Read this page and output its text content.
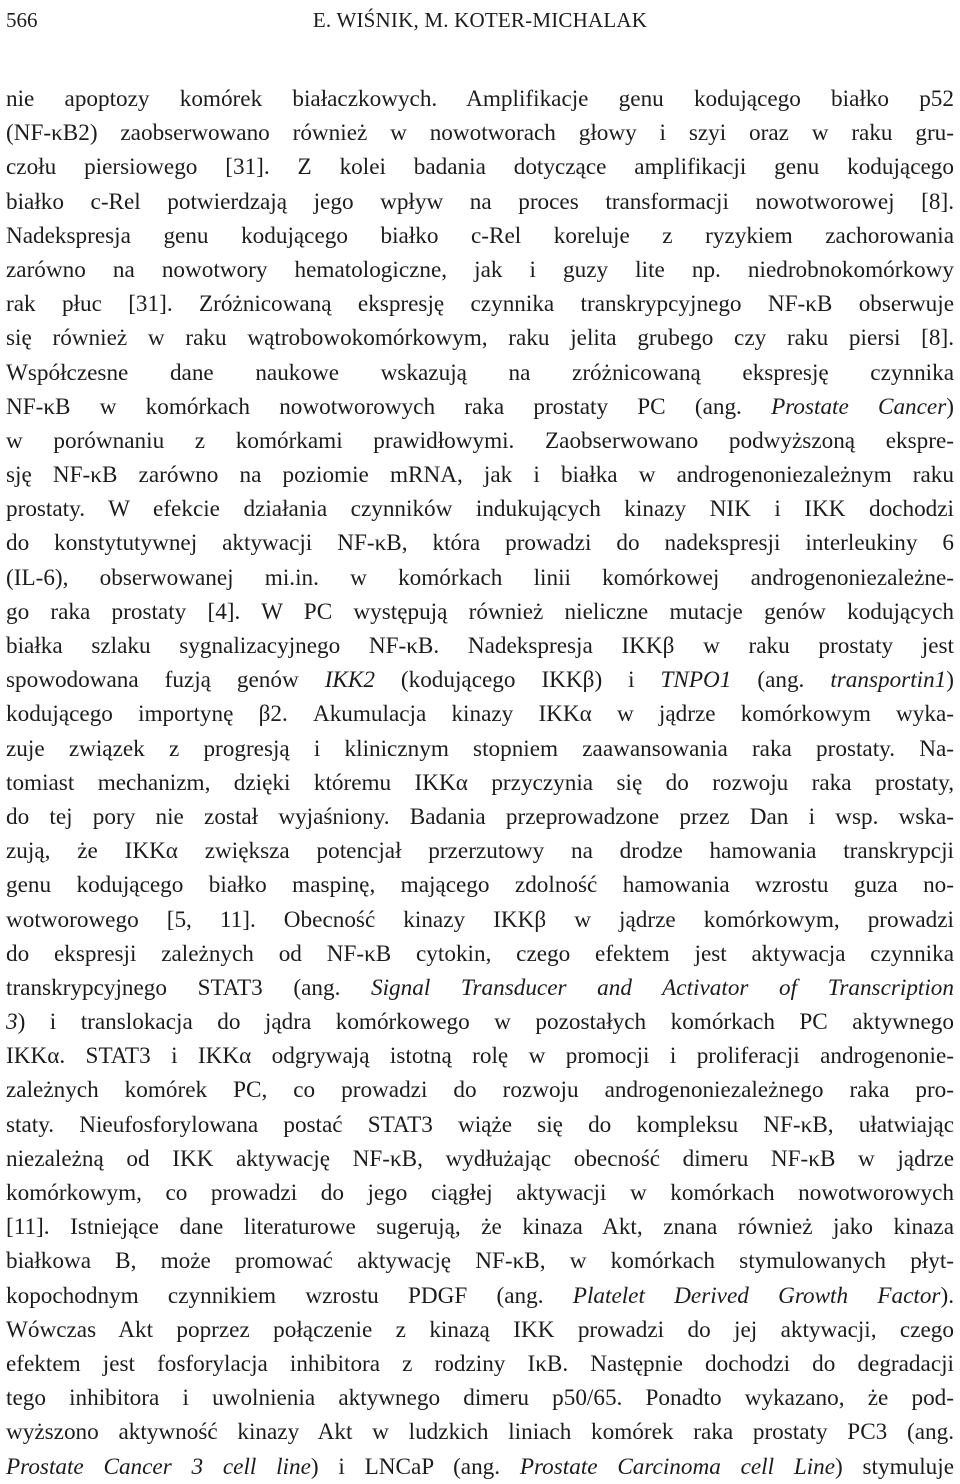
566	E. WIŚNIK, M. KOTER-MICHALAK
nie apoptozy komórek białaczkowych. Amplifikacje genu kodującego białko p52
(NF-κB2) zaobserwowano również w nowotworach głowy i szyi oraz w raku gru-
czołu piersiowego [31]. Z kolei badania dotyczące amplifikacji genu kodującego
białko c-Rel potwierdzają jego wpływ na proces transformacji nowotworowej [8].
Nadekspresja genu kodującego białko c-Rel koreluje z ryzykiem zachorowania
zarówno na nowotwory hematologiczne, jak i guzy lite np. niedrobnokomórkowy
rak płuc [31]. Zróżnicowaną ekspresję czynnika transkrypcyjnego NF-κB obserwuje
się również w raku wątrobowokomórkowym, raku jelita grubego czy raku piersi [8].
Współczesne dane naukowe wskazują na zróżnicowaną ekspresję czynnika
NF-κB w komórkach nowotworowych raka prostaty PC (ang. Prostate Cancer)
w porównaniu z komórkami prawidłowymi. Zaobserwowano podwyższoną ekspre-
sję NF-κB zarówno na poziomie mRNA, jak i białka w androgenoniezależnym raku
prostaty. W efekcie działania czynników indukujących kinazy NIK i IKK dochodzi
do konstytutywnej aktywacji NF-κB, która prowadzi do nadekspresji interleukiny 6
(IL-6), obserwowanej mi.in. w komórkach linii komórkowej androgenoniezależne-
go raka prostaty [4]. W PC występują również nieliczne mutacje genów kodujących
białka szlaku sygnalizacyjnego NF-κB. Nadekspresja IKKβ w raku prostaty jest
spowodowana fuzją genów IKK2 (kodującego IKKβ) i TNPO1 (ang. transportin1)
kodującego importynę β2. Akumulacja kinazy IKKα w jądrze komórkowym wyka-
zuje związek z progresją i klinicznym stopniem zaawansowania raka prostaty. Na-
tomiast mechanizm, dzięki któremu IKKα przyczynia się do rozwoju raka prostaty,
do tej pory nie został wyjaśniony. Badania przeprowadzone przez Dan i wsp. wska-
zują, że IKKα zwiększa potencjał przerzutowy na drodze hamowania transkrypcji
genu kodującego białko maspinę, mającego zdolność hamowania wzrostu guza no-
wotworowego [5, 11]. Obecność kinazy IKKβ w jądrze komórkowym, prowadzi
do ekspresji zależnych od NF-κB cytokin, czego efektem jest aktywacja czynnika
transkrypcyjnego STAT3 (ang. Signal Transducer and Activator of Transcription
3) i translokacja do jądra komórkowego w pozostałych komórkach PC aktywnego
IKKα. STAT3 i IKKα odgrywają istotną rolę w promocji i proliferacji androgenonie-
zależnych komórek PC, co prowadzi do rozwoju androgenoniezależnego raka pro-
staty. Nieufosforylowana postać STAT3 wiąże się do kompleksu NF-κB, ułatwiając
niezależną od IKK aktywację NF-κB, wydłużając obecność dimeru NF-κB w jądrze
komórkowym, co prowadzi do jego ciągłej aktywacji w komórkach nowotworowych
[11]. Istniejące dane literaturowe sugerują, że kinaza Akt, znana również jako kinaza
białkowa B, może promować aktywację NF-κB, w komórkach stymulowanych płyt-
kopochodnym czynnikiem wzrostu PDGF (ang. Platelet Derived Growth Factor).
Wówczas Akt poprzez połączenie z kinazą IKK prowadzi do jej aktywacji, czego
efektem jest fosforylacja inhibitora z rodziny IκB. Następnie dochodzi do degradacji
tego inhibitora i uwolnienia aktywnego dimeru p50/65. Ponadto wykazano, że pod-
wyższono aktywność kinazy Akt w ludzkich liniach komórek raka prostaty PC3 (ang.
Prostate Cancer 3 cell line) i LNCaP (ang. Prostate Carcinoma cell Line) stymuluje
